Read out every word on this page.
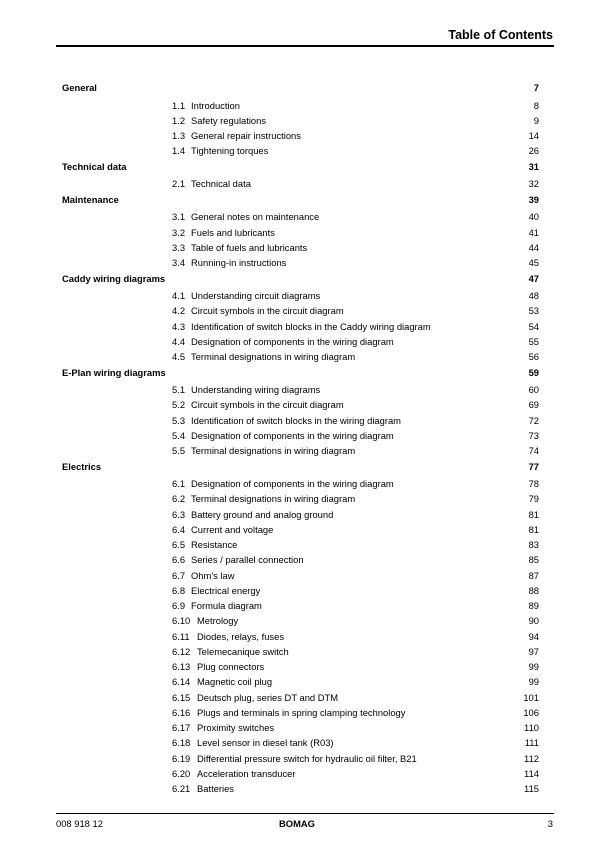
Table of Contents
General	7
1.1 Introduction	8
1.2 Safety regulations	9
1.3 General repair instructions	14
1.4 Tightening torques	26
Technical data	31
2.1 Technical data	32
Maintenance	39
3.1 General notes on maintenance	40
3.2 Fuels and lubricants	41
3.3 Table of fuels and lubricants	44
3.4 Running-in instructions	45
Caddy wiring diagrams	47
4.1 Understanding circuit diagrams	48
4.2 Circuit symbols in the circuit diagram	53
4.3 Identification of switch blocks in the Caddy wiring diagram	54
4.4 Designation of components in the wiring diagram	55
4.5 Terminal designations in wiring diagram	56
E-Plan wiring diagrams	59
5.1 Understanding wiring diagrams	60
5.2 Circuit symbols in the circuit diagram	69
5.3 Identification of switch blocks in the wiring diagram	72
5.4 Designation of components in the wiring diagram	73
5.5 Terminal designations in wiring diagram	74
Electrics	77
6.1 Designation of components in the wiring diagram	78
6.2 Terminal designations in wiring diagram	79
6.3 Battery ground and analog ground	81
6.4 Current and voltage	81
6.5 Resistance	83
6.6 Series / parallel connection	85
6.7 Ohm's law	87
6.8 Electrical energy	88
6.9 Formula diagram	89
6.10 Metrology	90
6.11 Diodes, relays, fuses	94
6.12 Telemecanique switch	97
6.13 Plug connectors	99
6.14 Magnetic coil plug	99
6.15 Deutsch plug, series DT and DTM	101
6.16 Plugs and terminals in spring clamping technology	106
6.17 Proximity switches	110
6.18 Level sensor in diesel tank (R03)	111
6.19 Differential pressure switch for hydraulic oil filter, B21	112
6.20 Acceleration transducer	114
6.21 Batteries	115
008 918 12	BOMAG	3
